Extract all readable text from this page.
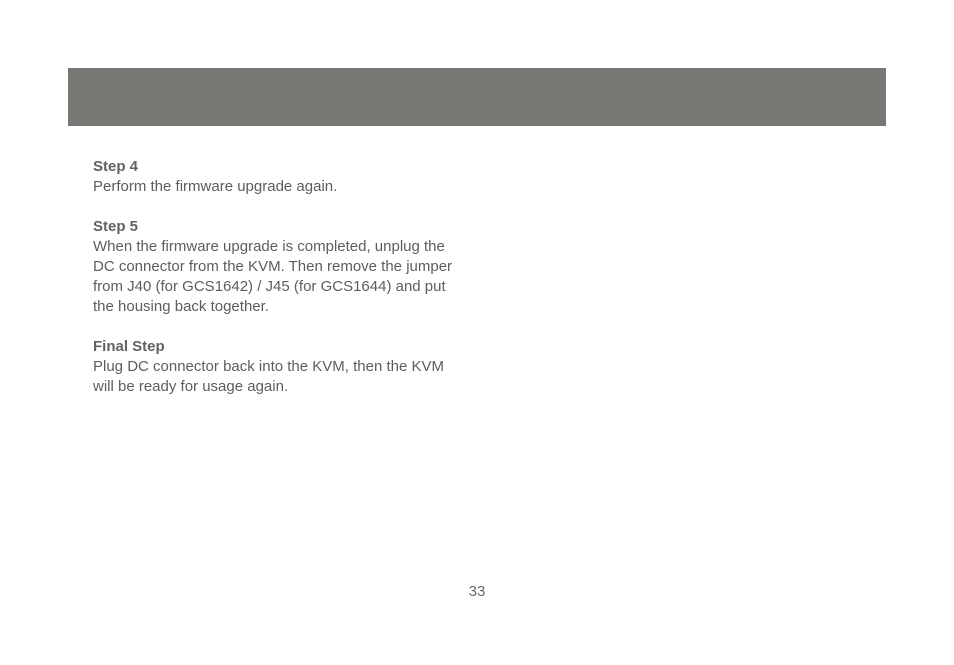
Step 4

Perform the firmware upgrade again.

Step 5

When the firmware upgrade is completed, unplug the DC connector from the KVM. Then remove the jumper from J40 (for GCS1642) / J45 (for GCS1644) and put the housing back together.

Final Step

Plug DC connector back into the KVM, then the KVM will be ready for usage again.

33
